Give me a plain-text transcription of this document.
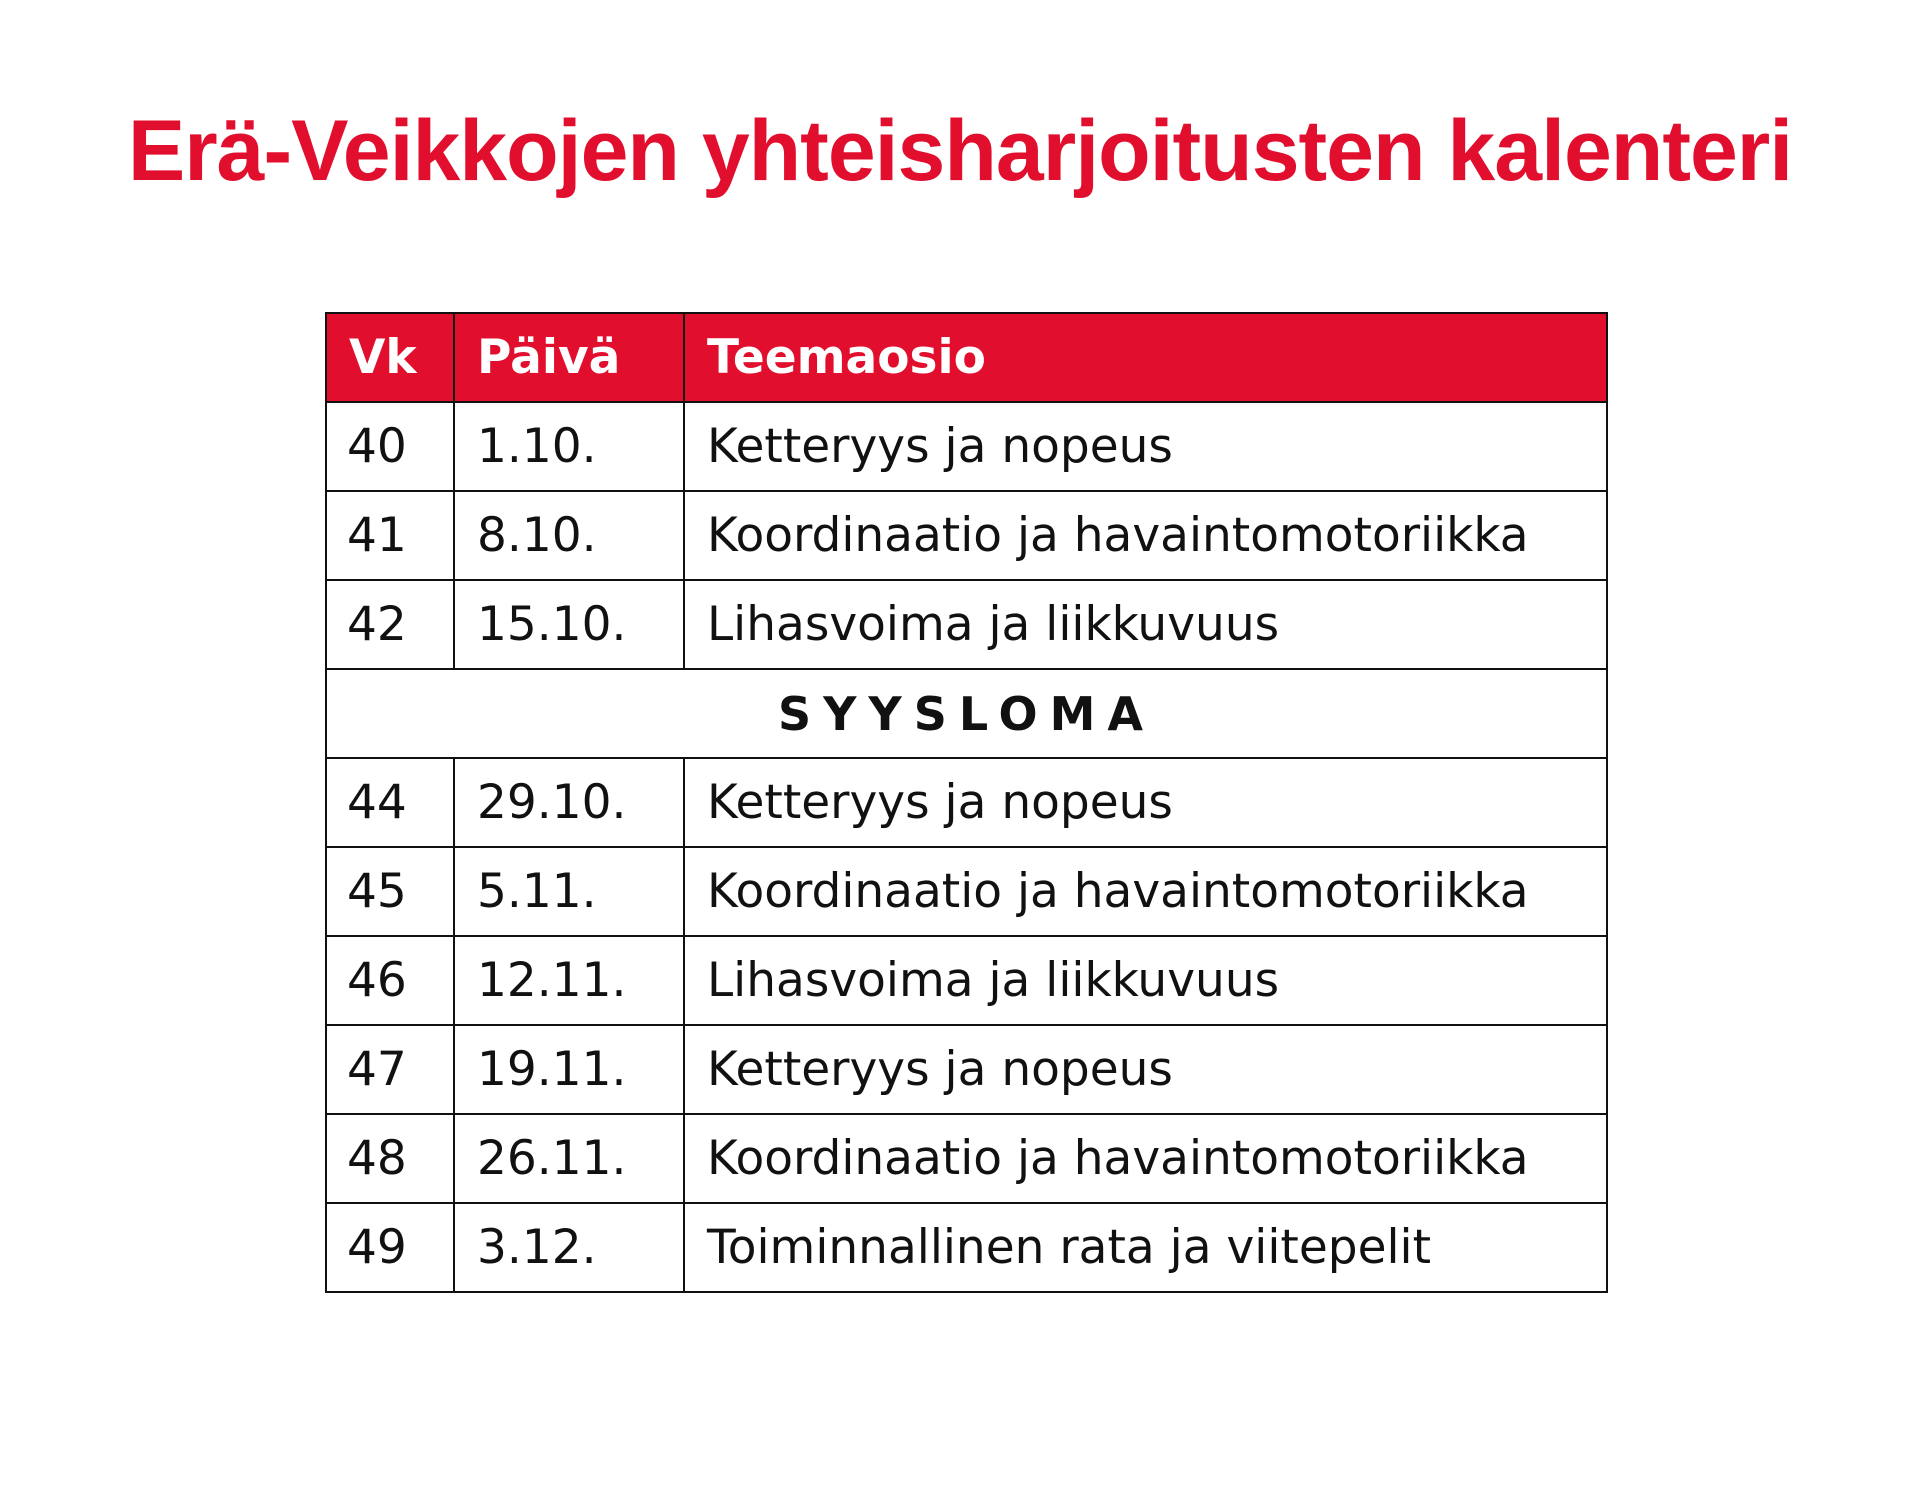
Erä-Veikkojen yhteisharjoitusten kalenteri
Vk	Päivä	Teemaosio
40	1.10.	Ketteryys ja nopeus
41	8.10.	Koordinaatio ja havaintomotoriikka
42	15.10.	Lihasvoima ja liikkuvuus
SYYSLOMA		
44	29.10.	Ketteryys ja nopeus
45	5.11.	Koordinaatio ja havaintomotoriikka
46	12.11.	Lihasvoima ja liikkuvuus
47	19.11.	Ketteryys ja nopeus
48	26.11.	Koordinaatio ja havaintomotoriikka
49	3.12.	Toiminnallinen rata ja viitepelit
